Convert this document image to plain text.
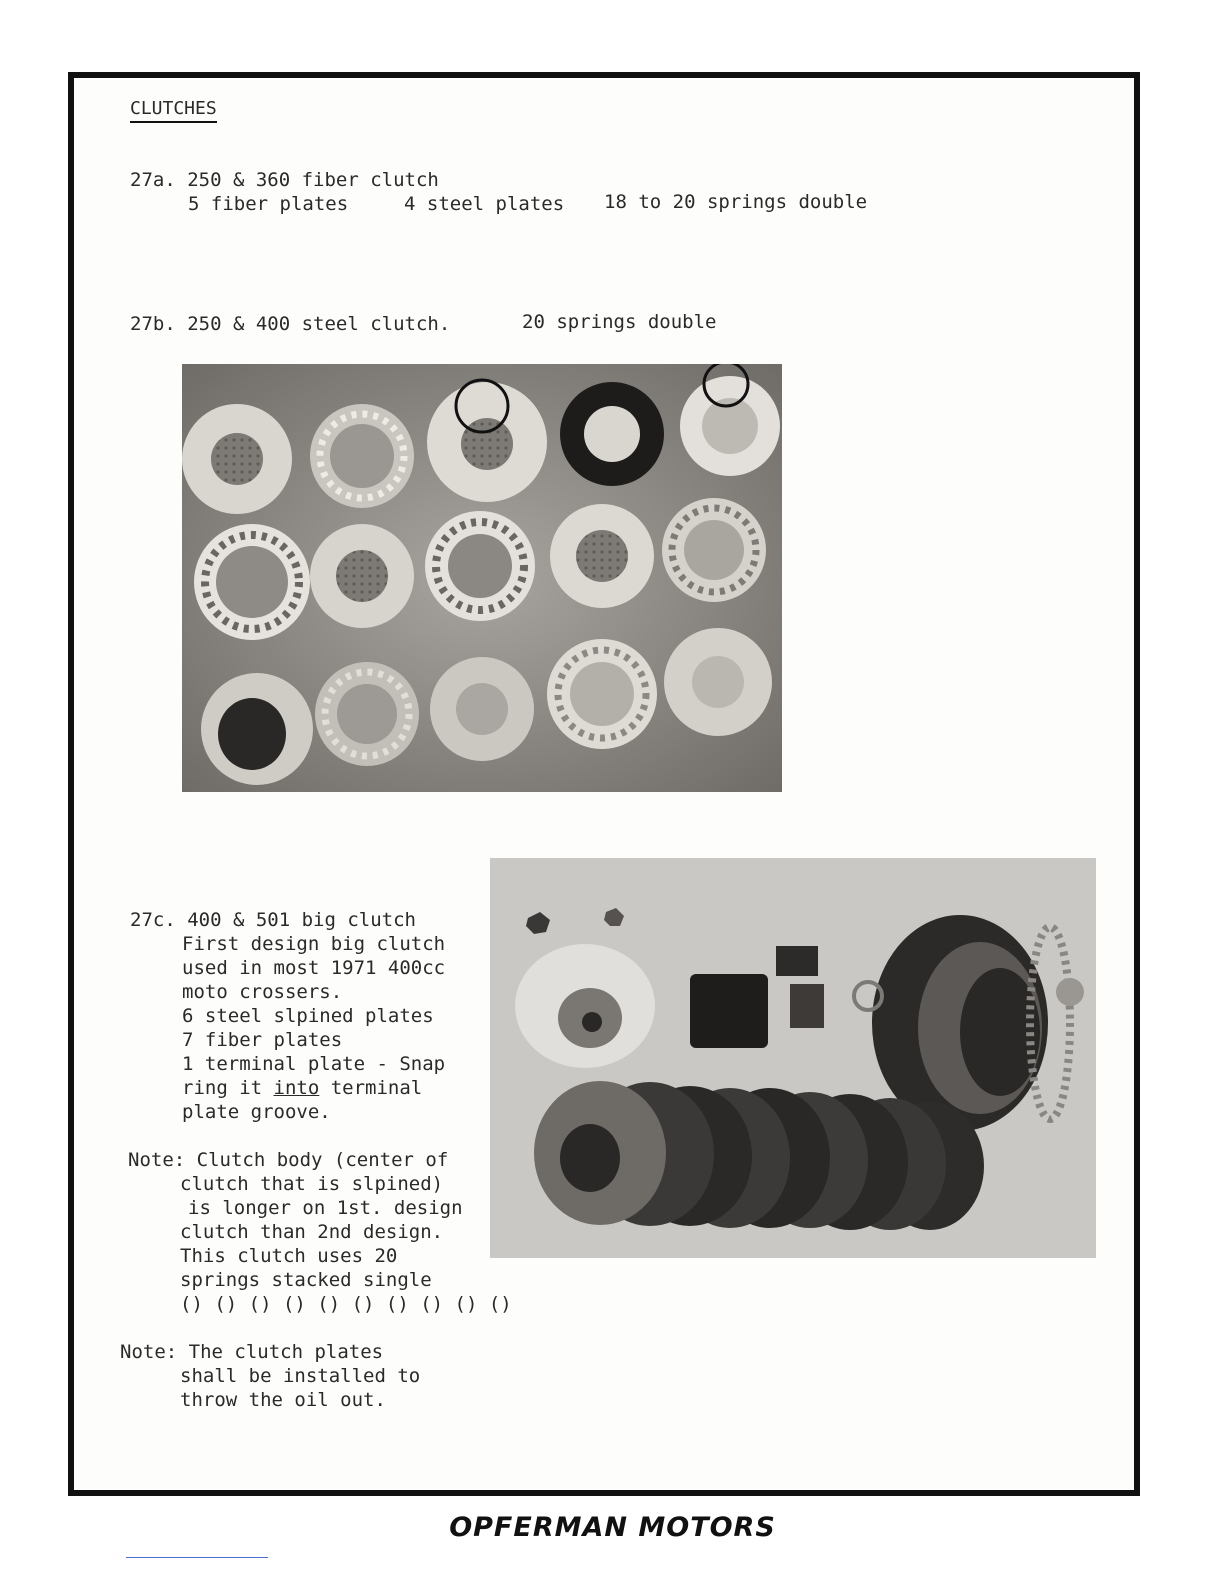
CLUTCHES
27a. 250 & 360 fiber clutch
5 fiber plates	4 steel plates 18 to 20 springs double
27b. 250 & 400 steel clutch.	20 springs double
27c. 400 & 501 big clutch
First design big clutch
used in most 1971 400cc
moto crossers.
6 steel slpined plates
7 fiber plates
1 terminal plate - Snap
ring it into terminal
plate groove.
Note: Clutch body (center of
clutch that is slpined)
is longer on 1st. design
clutch than 2nd design.
This clutch uses 20
springs stacked single
() () () () () () () () () ()
Note: The clutch plates
shall be installed to
throw the oil out.
OPFERMAN MOTORS
